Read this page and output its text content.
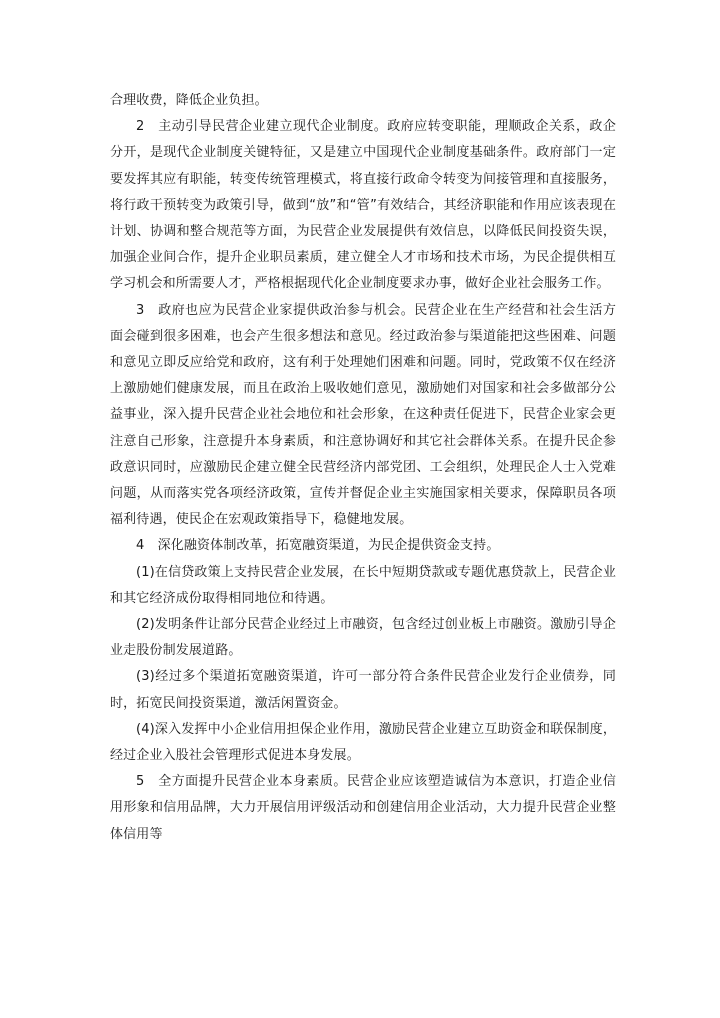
合理收费，降低企业负担。

2　主动引导民营企业建立现代企业制度。政府应转变职能，理顺政企关系，政企分开，是现代企业制度关键特征，又是建立中国现代企业制度基础条件。政府部门一定要发挥其应有职能，转变传统管理模式，将直接行政命令转变为间接管理和直接服务，将行政干预转变为政策引导，做到“放”和“管”有效结合，其经济职能和作用应该表现在计划、协调和整合规范等方面，为民营企业发展提供有效信息，以降低民间投资失误，加强企业间合作，提升企业职员素质，建立健全人才市场和技术市场，为民企提供相互学习机会和所需要人才，严格根据现代化企业制度要求办事，做好企业社会服务工作。

3　政府也应为民营企业家提供政治参与机会。民营企业在生产经营和社会生活方面会碰到很多困难，也会产生很多想法和意见。经过政治参与渠道能把这些困难、问题和意见立即反应给党和政府，这有利于处理她们困难和问题。同时，党政策不仅在经济上激励她们健康发展，而且在政治上吸收她们意见，激励她们对国家和社会多做部分公益事业，深入提升民营企业社会地位和社会形象，在这种责任促进下，民营企业家会更注意自己形象，注意提升本身素质，和注意协调好和其它社会群体关系。在提升民企参政意识同时，应激励民企建立健全民营经济内部党团、工会组织，处理民企人士入党难问题，从而落实党各项经济政策，宣传并督促企业主实施国家相关要求，保障职员各项福利待遇，使民企在宏观政策指导下，稳健地发展。

4　深化融资体制改革，拓宽融资渠道，为民企提供资金支持。

(1)在信贷政策上支持民营企业发展，在长中短期贷款或专题优惠贷款上，民营企业和其它经济成份取得相同地位和待遇。

(2)发明条件让部分民营企业经过上市融资，包含经过创业板上市融资。激励引导企业走股份制发展道路。

(3)经过多个渠道拓宽融资渠道，许可一部分符合条件民营企业发行企业债券，同时，拓宽民间投资渠道，激活闲置资金。

(4)深入发挥中小企业信用担保企业作用，激励民营企业建立互助资金和联保制度，经过企业入股社会管理形式促进本身发展。

5　全方面提升民营企业本身素质。民营企业应该塑造诚信为本意识，打造企业信用形象和信用品牌，大力开展信用评级活动和创建信用企业活动，大力提升民营企业整体信用等
